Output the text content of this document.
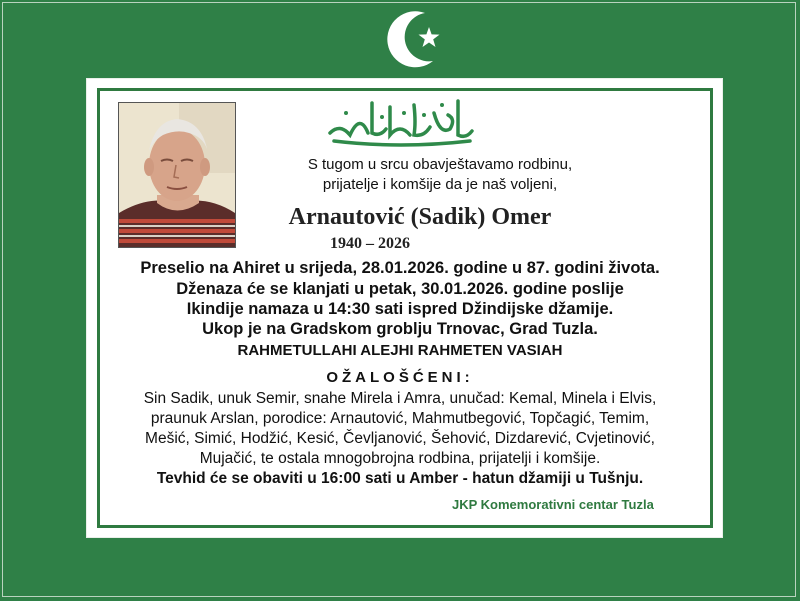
S tugom u srcu obavještavamo rodbinu,
prijatelje i komšije da je naš voljeni,
Arnautović (Sadik) Omer
1940 – 2026
Preselio na Ahiret u srijeda, 28.01.2026. godine u 87. godini života.
Dženaza će se klanjati u petak, 30.01.2026. godine poslije
Ikindije namaza u 14:30 sati ispred Džindijske džamije.
Ukop je na Gradskom groblju Trnovac, Grad Tuzla.
RAHMETULLAHI ALEJHI RAHMETEN VASIAH
OŽALOŠĆENI:
Sin Sadik, unuk Semir, snahe Mirela i Amra, unučad: Kemal, Minela i Elvis,
praunuk Arslan, porodice: Arnautović, Mahmutbegović, Topčagić, Temim,
Mešić, Simić, Hodžić, Kesić, Čevljanović, Šehović, Dizdarević, Cvjetinović,
Mujačić, te ostala mnogobrojna rodbina, prijatelji i komšije.
Tevhid će se obaviti u 16:00 sati u Amber - hatun džamiji u Tušnju.
JKP Komemorativni centar Tuzla
